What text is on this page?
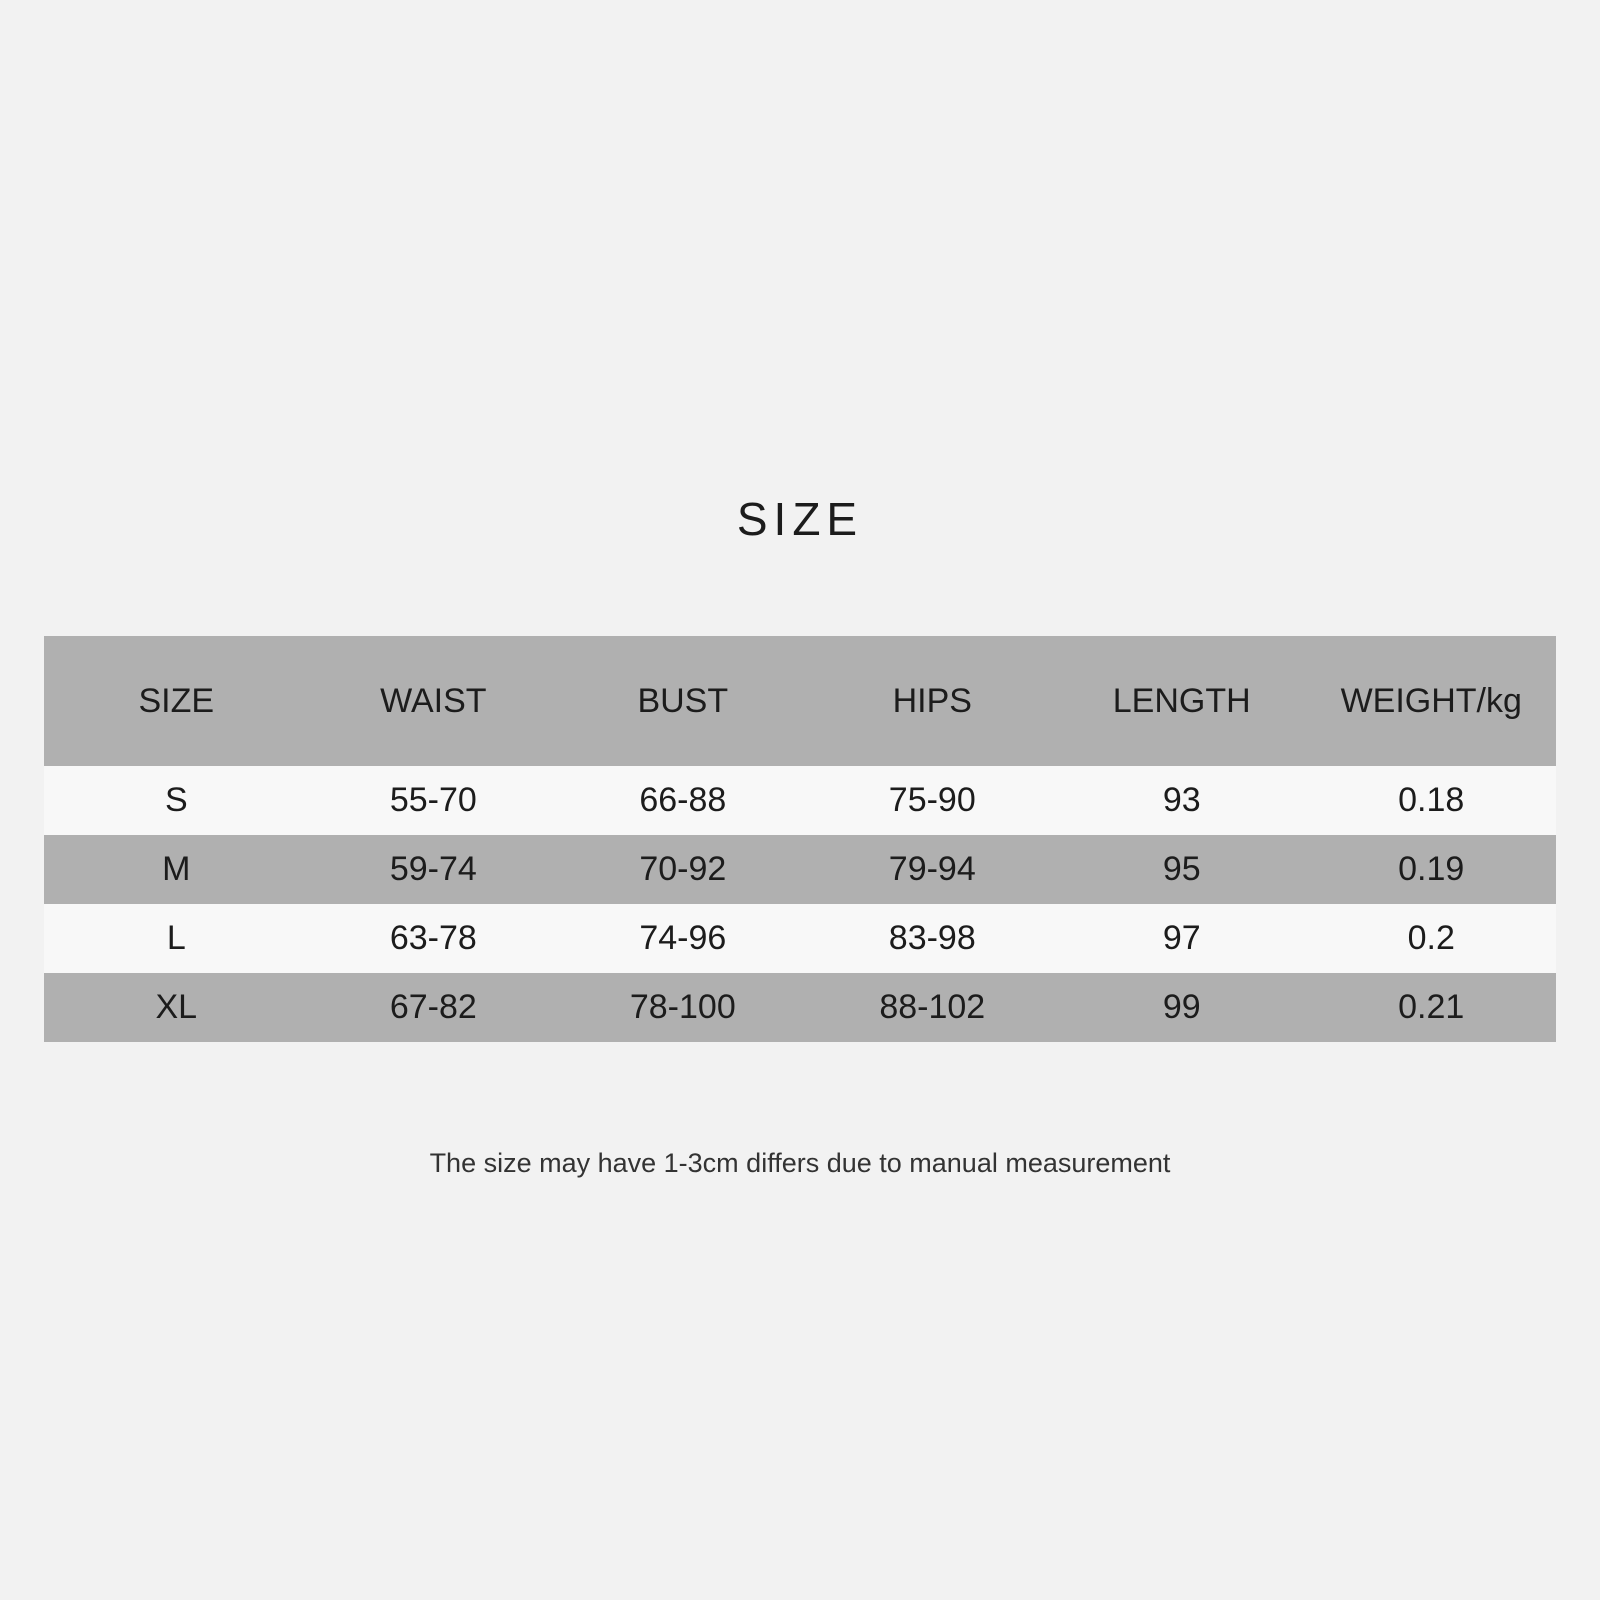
SIZE
SIZE	WAIST	BUST	HIPS	LENGTH	WEIGHT/kg
S	55-70	66-88	75-90	93	0.18
M	59-74	70-92	79-94	95	0.19
L	63-78	74-96	83-98	97	0.2
XL	67-82	78-100	88-102	99	0.21
The size may have 1-3cm differs due to manual measurement
